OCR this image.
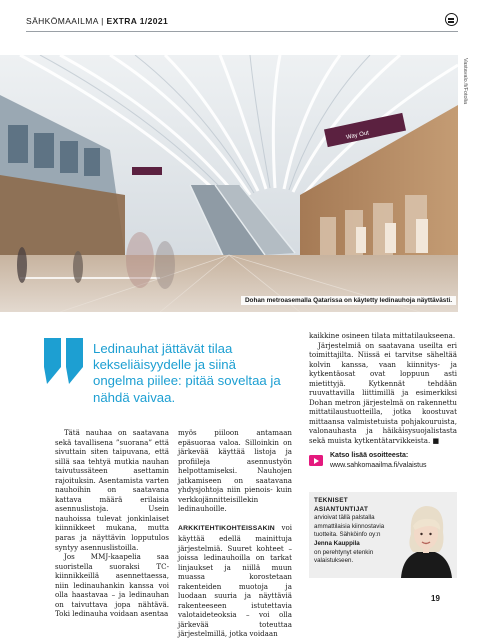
SÄHKÖMAAILMA | EXTRA 1/2021
Way Out
Vastavalo.fi/Fotolia
Dohan metroasemalla Qatarissa on käytetty ledinauhoja näyttävästi.
Ledinauhat jättävät tilaa kekseliäisyydelle ja siinä ongelma piilee: pitää soveltaa ja nähdä vaivaa.

Tätä nauhaa on saatavana sekä tavallisena ”suorana” että sivuttain siten taipuvana, että sillä saa tehtyä mutkia nauhan taivutussäteen asettamin rajoituksin. Asentamista varten nauhoihin on saatavana kattava määrä erilaisia asennuslistoja. Usein nauhoissa tulevat jonkinlaiset kiinnikkeet mukana, mutta paras ja näyttävin lopputulos syntyy asennuslistoilla.

Jos MMJ-kaapelia saa suoristella suoraksi TC-kiinnikkeillä asennettaessa, niin ledinauhankin kanssa voi olla haastavaa – ja ledinauhan on taivuttava jopa nähtävä. Toki ledinauha voidaan asentaa

myös piiloon antamaan epäsuoraa valoa. Silloinkin on järkevää käyttää listoja ja profiileja asennustyön helpottamiseksi. Nauhojen jatkamiseen on saatavana yhdysjohtoja niin pienois- kuin verkkojännitteisillekin ledinauhoille.

ARKKITEHTIKOHTEISSAKIN voi käyttää edellä mainittuja järjestelmiä. Suuret kohteet – joissa ledinauhoilla on tarkat linjaukset ja niillä muun muassa korostetaan rakenteiden muotoja ja luodaan suuria ja näyttäviä rakenteeseen istutettavia valotaideteoksia – voi olla järkevää toteuttaa järjestelmillä, jotka voidaan

kaikkine osineen tilata mittatilaukseena.

Järjestelmiä on saatavana useilta eri toimittajilta. Niissä ei tarvitse säheltää kolvin kanssa, vaan kiinnitys- ja kytkentäosat ovat loppuun asti mietittyjä. Kytkennät tehdään ruuvattavilla liittimillä ja esimerkiksi Dohan metron järjestelmä on rakennettu mittatilaustuotteilla, jotka koostuvat mittaansa valmistetuista pohjakouruista, valonauhasta ja häikäisysuojalistasta sekä muista kytkentätarvikkeista. ■

Katso lisää osoitteesta:
www.sahkomaailma.fi/valaistus
TEKNISET ASIANTUNTIJAT
arvioivat tällä palstalla ammattilaisia kiinnostavia tuotteita. Sähköinfo oy:n
Jenna Kauppila
on perehtynyt etenkin valaistukseen.
19
